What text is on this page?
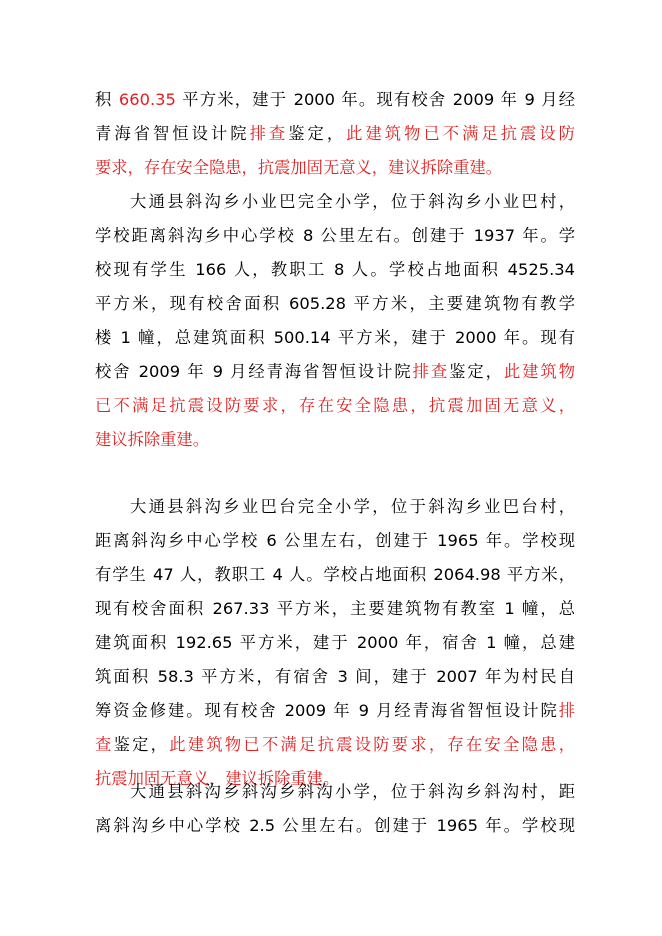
积 660.35 平方米，建于 2000 年。现有校舍 2009 年 9 月经
青海省智恒设计院排查鉴定，此建筑物已不满足抗震设防
要求，存在安全隐患，抗震加固无意义，建议拆除重建。
大通县斜沟乡小业巴完全小学，位于斜沟乡小业巴村，
学校距离斜沟乡中心学校 8 公里左右。创建于 1937 年。学
校现有学生 166 人，教职工 8 人。学校占地面积 4525.34
平方米，现有校舍面积 605.28 平方米，主要建筑物有教学
楼 1 幢，总建筑面积 500.14 平方米，建于 2000 年。现有
校舍 2009 年 9 月经青海省智恒设计院排查鉴定，此建筑物
已不满足抗震设防要求，存在安全隐患，抗震加固无意义，
建议拆除重建。
大通县斜沟乡业巴台完全小学，位于斜沟乡业巴台村，
距离斜沟乡中心学校 6 公里左右，创建于 1965 年。学校现
有学生 47 人，教职工 4 人。学校占地面积 2064.98 平方米，
现有校舍面积 267.33 平方米，主要建筑物有教室 1 幢，总
建筑面积 192.65 平方米，建于 2000 年，宿舍 1 幢，总建
筑面积 58.3 平方米，有宿舍 3 间，建于 2007 年为村民自
筹资金修建。现有校舍 2009 年 9 月经青海省智恒设计院排
查鉴定，此建筑物已不满足抗震设防要求，存在安全隐患，
抗震加固无意义，建议拆除重建。
大通县斜沟乡斜沟乡斜沟小学，位于斜沟乡斜沟村，距
离斜沟乡中心学校 2.5 公里左右。创建于 1965 年。学校现
